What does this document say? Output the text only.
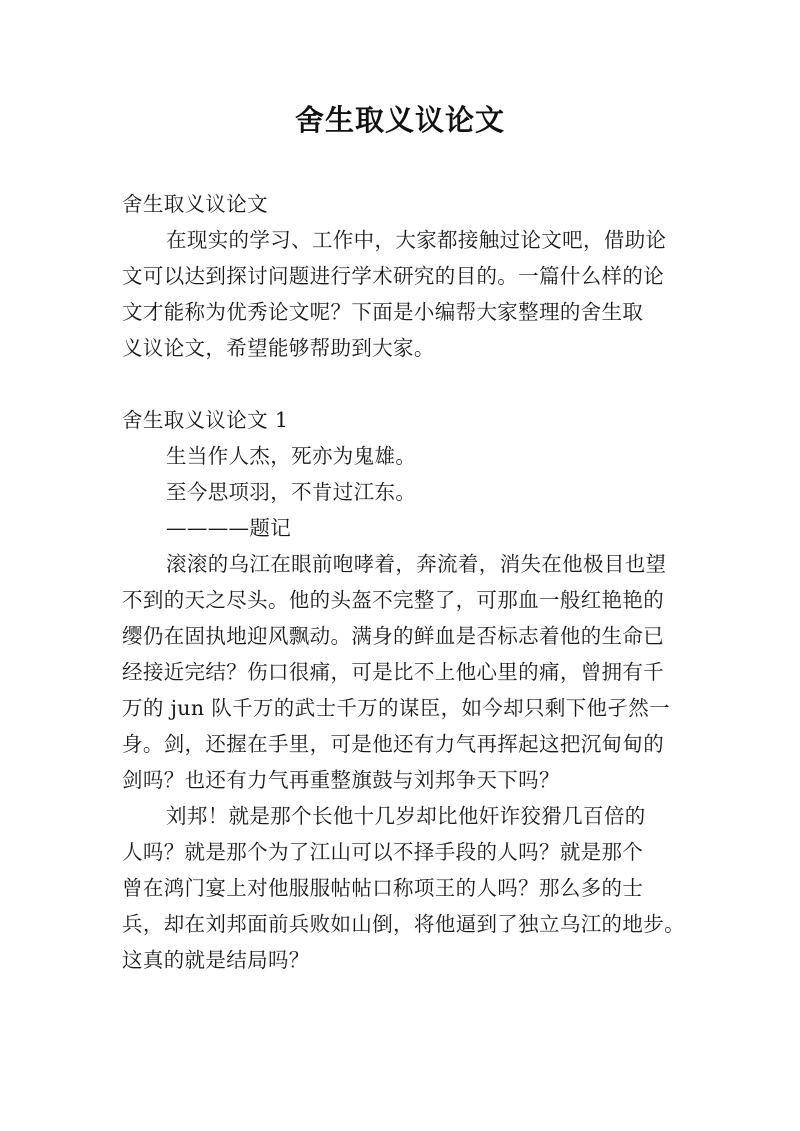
舍生取义议论文

舍生取义议论文

在现实的学习、工作中，大家都接触过论文吧，借助论

文可以达到探讨问题进行学术研究的目的。一篇什么样的论

文才能称为优秀论文呢？下面是小编帮大家整理的舍生取

义议论文，希望能够帮助到大家。

舍生取义议论文 1

生当作人杰，死亦为鬼雄。

至今思项羽，不肯过江东。

————题记

滚滚的乌江在眼前咆哮着，奔流着，消失在他极目也望

不到的天之尽头。他的头盔不完整了，可那血一般红艳艳的

缨仍在固执地迎风飘动。满身的鲜血是否标志着他的生命已

经接近完结？伤口很痛，可是比不上他心里的痛，曾拥有千

万的 jun 队千万的武士千万的谋臣，如今却只剩下他孑然一

身。剑，还握在手里，可是他还有力气再挥起这把沉甸甸的

剑吗？也还有力气再重整旗鼓与刘邦争天下吗？

刘邦！就是那个长他十几岁却比他奸诈狡猾几百倍的

人吗？就是那个为了江山可以不择手段的人吗？就是那个

曾在鸿门宴上对他服服帖帖口称项王的人吗？那么多的士

兵，却在刘邦面前兵败如山倒，将他逼到了独立乌江的地步。

这真的就是结局吗？
